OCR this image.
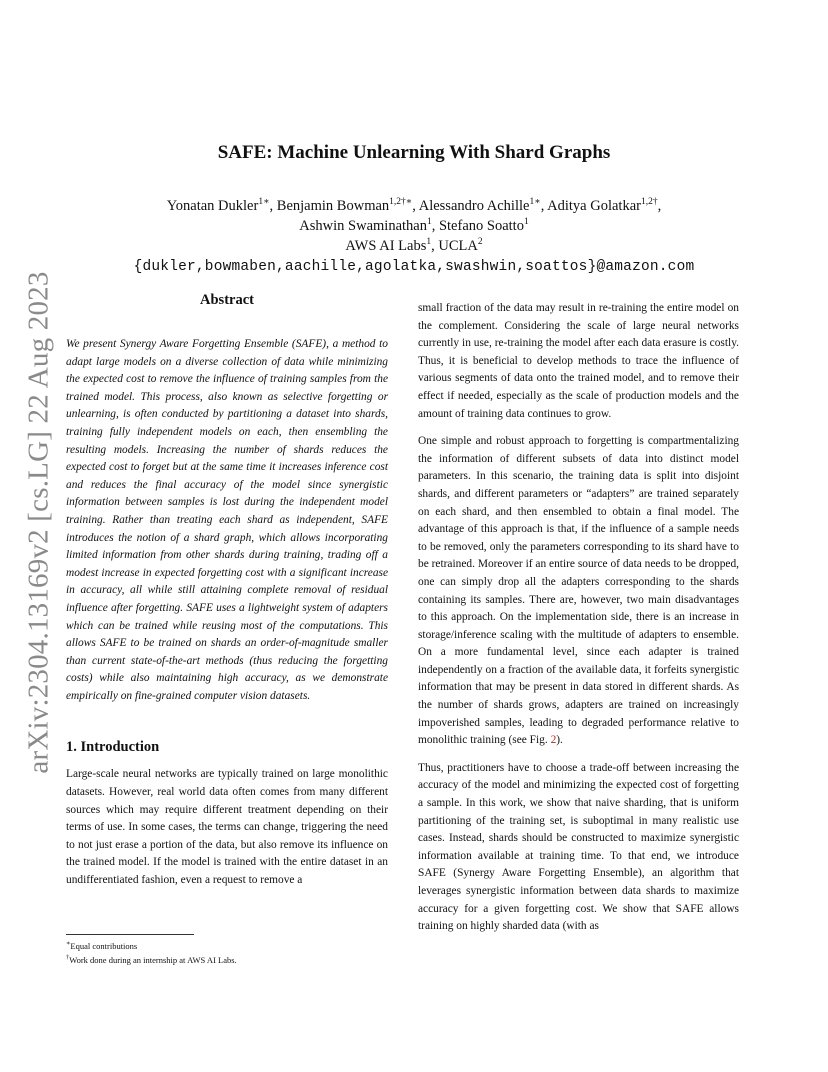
arXiv:2304.13169v2 [cs.LG] 22 Aug 2023
SAFE: Machine Unlearning With Shard Graphs
Yonatan Dukler$^{1∗}$, Benjamin Bowman$^{1,2\dagger∗}$, Alessandro Achille$^{1∗}$, Aditya Golatkar$^{1,2\dagger}$,
Ashwin Swaminathan$^1$, Stefano Soatto$^1$
AWS AI Labs$^1$, UCLA$^2$
{dukler,bowmaben,aachille,agolatka,swashwin,soattos}@amazon.com
Abstract

We present Synergy Aware Forgetting Ensemble (SAFE), a method to adapt large models on a diverse collection of data while minimizing the expected cost to remove the influence of training samples from the trained model. This process, also known as selective forgetting or unlearning, is often conducted by partitioning a dataset into shards, training fully independent models on each, then ensembling the resulting models. Increasing the number of shards reduces the expected cost to forget but at the same time it increases inference cost and reduces the final accuracy of the model since synergistic information between samples is lost during the independent model training. Rather than treating each shard as independent, SAFE introduces the notion of a shard graph, which allows incorporating limited information from other shards during training, trading off a modest increase in expected forgetting cost with a significant increase in accuracy, all while still attaining complete removal of residual influence after forgetting. SAFE uses a lightweight system of adapters which can be trained while reusing most of the computations. This allows SAFE to be trained on shards an order-of-magnitude smaller than current state-of-the-art methods (thus reducing the forgetting costs) while also maintaining high accuracy, as we demonstrate empirically on fine-grained computer vision datasets.

1. Introduction

Large-scale neural networks are typically trained on large monolithic datasets. However, real world data often comes from many different sources which may require different treatment depending on their terms of use. In some cases, the terms can change, triggering the need to not just erase a portion of the data, but also remove its influence on the trained model. If the model is trained with the entire dataset in an undifferentiated fashion, even a request to remove a

small fraction of the data may result in re-training the entire model on the complement. Considering the scale of large neural networks currently in use, re-training the model after each data erasure is costly. Thus, it is beneficial to develop methods to trace the influence of various segments of data onto the trained model, and to remove their effect if needed, especially as the scale of production models and the amount of training data continues to grow.

One simple and robust approach to forgetting is compartmentalizing the information of different subsets of data into distinct model parameters. In this scenario, the training data is split into disjoint shards, and different parameters or “adapters” are trained separately on each shard, and then ensembled to obtain a final model. The advantage of this approach is that, if the influence of a sample needs to be removed, only the parameters corresponding to its shard have to be retrained. Moreover if an entire source of data needs to be dropped, one can simply drop all the adapters corresponding to the shards containing its samples. There are, however, two main disadvantages to this approach. On the implementation side, there is an increase in storage/inference scaling with the multitude of adapters to ensemble. On a more fundamental level, since each adapter is trained independently on a fraction of the available data, it forfeits synergistic information that may be present in data stored in different shards. As the number of shards grows, adapters are trained on increasingly impoverished samples, leading to degraded performance relative to monolithic training (see Fig. 2).

Thus, practitioners have to choose a trade-off between increasing the accuracy of the model and minimizing the expected cost of forgetting a sample. In this work, we show that naive sharding, that is uniform partitioning of the training set, is suboptimal in many realistic use cases. Instead, shards should be constructed to maximize synergistic information available at training time. To that end, we introduce SAFE (Synergy Aware Forgetting Ensemble), an algorithm that leverages synergistic information between data shards to maximize accuracy for a given forgetting cost. We show that SAFE allows training on highly sharded data (with as

∗Equal contributions

†Work done during an internship at AWS AI Labs.
